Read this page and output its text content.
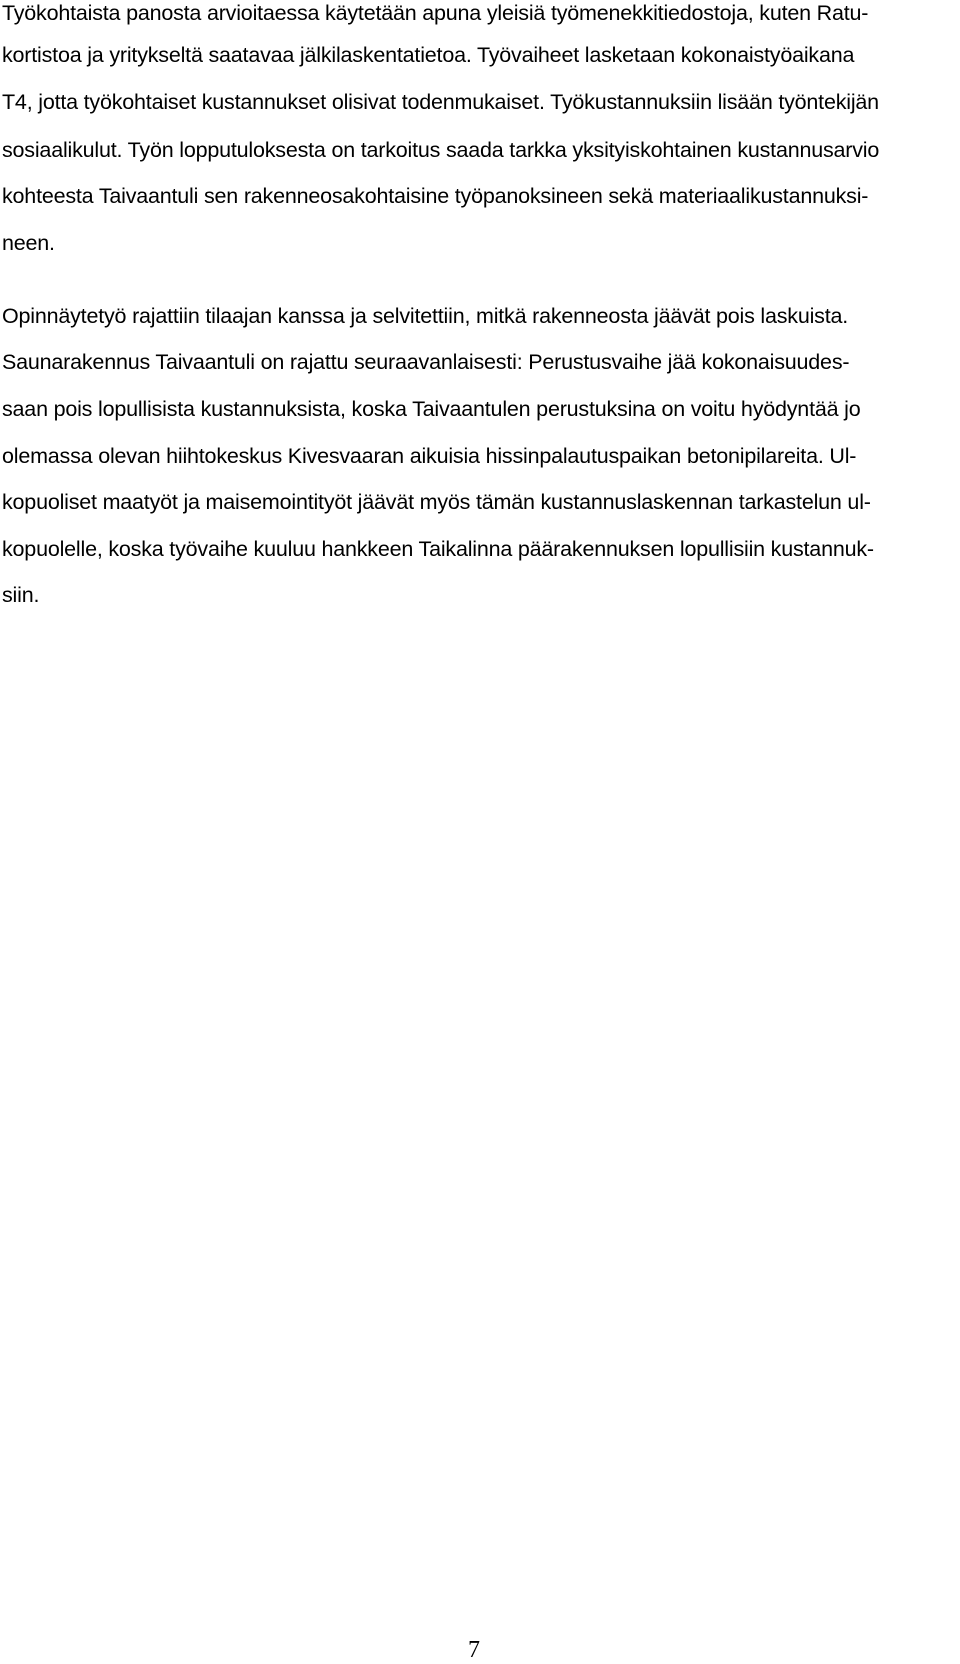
Työkohtaista panosta arvioitaessa käytetään apuna yleisiä työmenekkitiedostoja, kuten Ratu-
kortistoa ja yritykseltä saatavaa jälkilaskentatietoa. Työvaiheet lasketaan kokonaistyöaikana
T4, jotta työkohtaiset kustannukset olisivat todenmukaiset. Työkustannuksiin lisään työntekijän
sosiaalikulut. Työn lopputuloksesta on tarkoitus saada tarkka yksityiskohtainen kustannusarvio
kohteesta Taivaantuli sen rakenneosakohtaisine työpanoksineen sekä materiaalikustannuksi-
neen.
Opinnäytetyö rajattiin tilaajan kanssa ja selvitettiin, mitkä rakenneosta jäävät pois laskuista.
Saunarakennus Taivaantuli on rajattu seuraavanlaisesti: Perustusvaihe jää kokonaisuudes-
saan pois lopullisista kustannuksista, koska Taivaantulen perustuksina on voitu hyödyntää jo
olemassa olevan hiihtokeskus Kivesvaaran aikuisia hissinpalautuspaikan betonipilareita. Ul-
kopuoliset maatyöt ja maisemointityöt jäävät myös tämän kustannuslaskennan tarkastelun ul-
kopuolelle, koska työvaihe kuuluu hankkeen Taikalinna päärakennuksen lopullisiin kustannuk-
siin.
7
